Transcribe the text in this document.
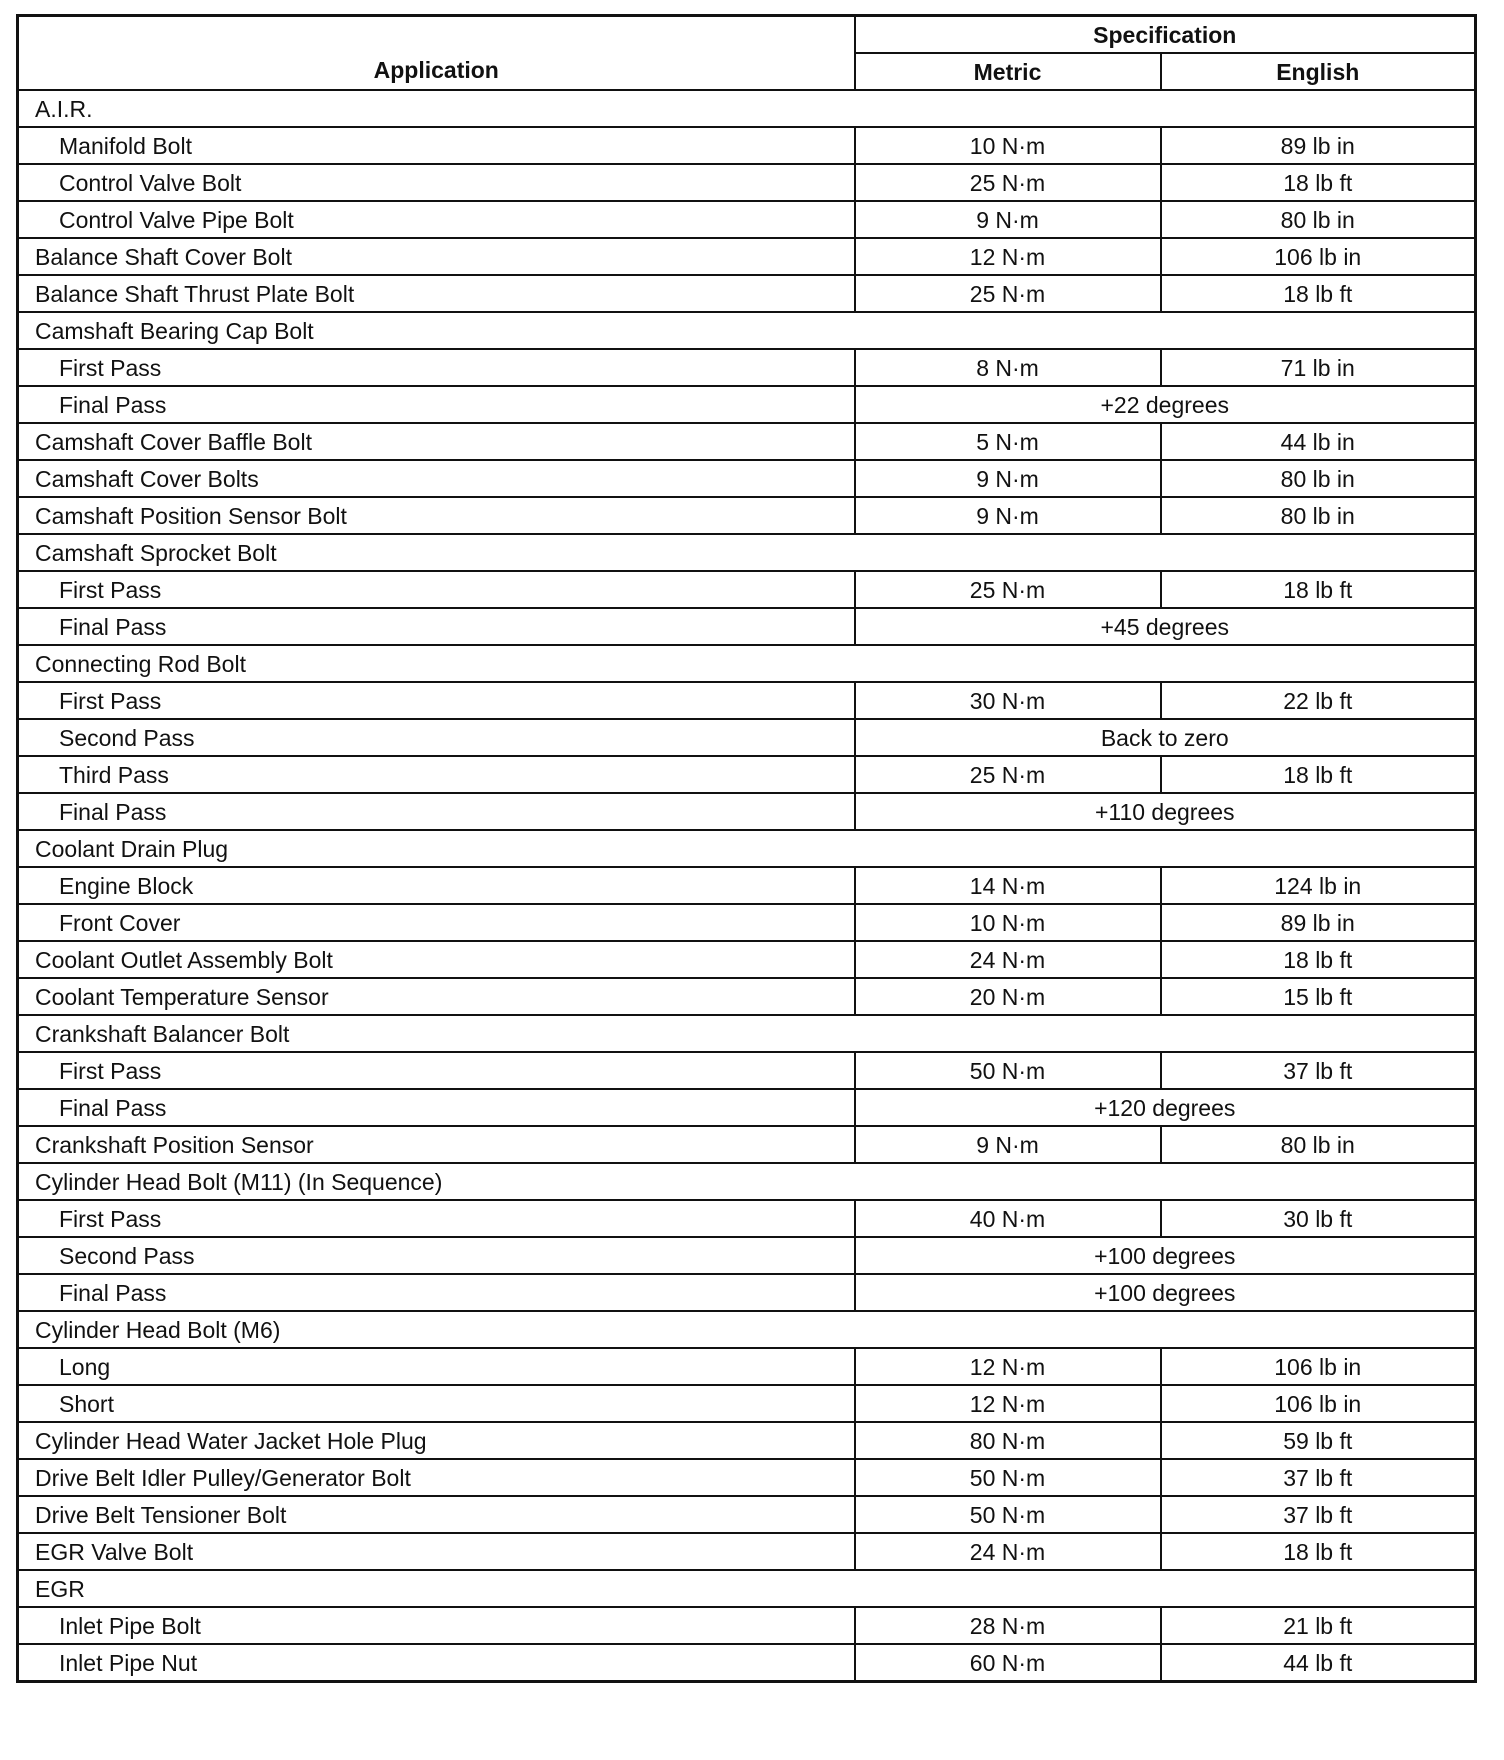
Application	Specification	
	Metric	English
A.I.R.		
Manifold Bolt	10 N·m	89 lb in
Control Valve Bolt	25 N·m	18 lb ft
Control Valve Pipe Bolt	9 N·m	80 lb in
Balance Shaft Cover Bolt	12 N·m	106 lb in
Balance Shaft Thrust Plate Bolt	25 N·m	18 lb ft
Camshaft Bearing Cap Bolt		
First Pass	8 N·m	71 lb in
Final Pass	+22 degrees	
Camshaft Cover Baffle Bolt	5 N·m	44 lb in
Camshaft Cover Bolts	9 N·m	80 lb in
Camshaft Position Sensor Bolt	9 N·m	80 lb in
Camshaft Sprocket Bolt		
First Pass	25 N·m	18 lb ft
Final Pass	+45 degrees	
Connecting Rod Bolt		
First Pass	30 N·m	22 lb ft
Second Pass	Back to zero	
Third Pass	25 N·m	18 lb ft
Final Pass	+110 degrees	
Coolant Drain Plug		
Engine Block	14 N·m	124 lb in
Front Cover	10 N·m	89 lb in
Coolant Outlet Assembly Bolt	24 N·m	18 lb ft
Coolant Temperature Sensor	20 N·m	15 lb ft
Crankshaft Balancer Bolt		
First Pass	50 N·m	37 lb ft
Final Pass	+120 degrees	
Crankshaft Position Sensor	9 N·m	80 lb in
Cylinder Head Bolt (M11) (In Sequence)		
First Pass	40 N·m	30 lb ft
Second Pass	+100 degrees	
Final Pass	+100 degrees	
Cylinder Head Bolt (M6)		
Long	12 N·m	106 lb in
Short	12 N·m	106 lb in
Cylinder Head Water Jacket Hole Plug	80 N·m	59 lb ft
Drive Belt Idler Pulley/Generator Bolt	50 N·m	37 lb ft
Drive Belt Tensioner Bolt	50 N·m	37 lb ft
EGR Valve Bolt	24 N·m	18 lb ft
EGR		
Inlet Pipe Bolt	28 N·m	21 lb ft
Inlet Pipe Nut	60 N·m	44 lb ft
